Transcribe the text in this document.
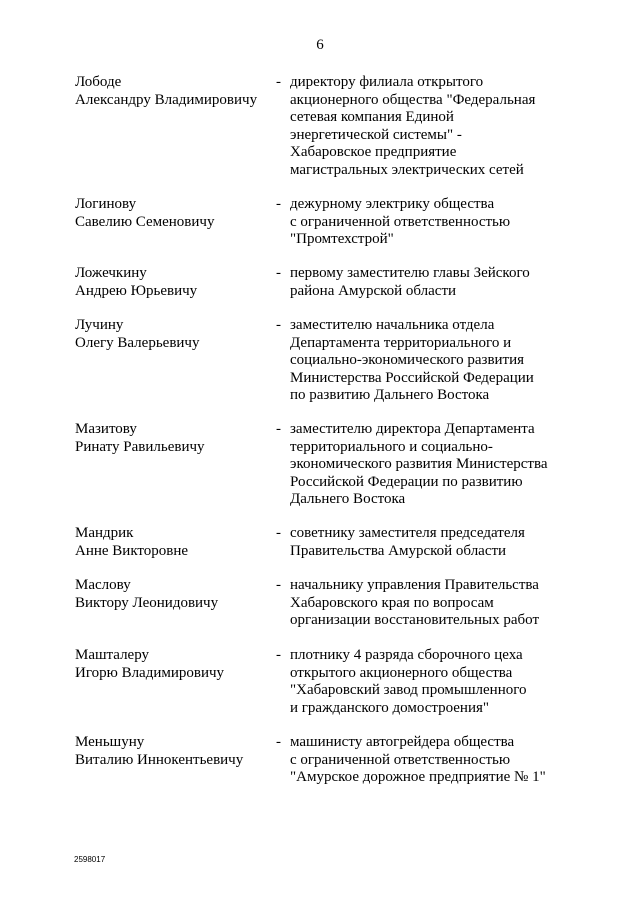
6
Лободе
Александру Владимировичу
- директору филиала открытого
акционерного общества "Федеральная
сетевая компания Единой
энергетической системы" -
Хабаровское предприятие
магистральных электрических сетей
Логинову
Савелию Семеновичу
- дежурному электрику общества
с ограниченной ответственностью
"Промтехстрой"
Ложечкину
Андрею Юрьевичу
- первому заместителю главы Зейского
района Амурской области
Лучину
Олегу Валерьевичу
- заместителю начальника отдела
Департамента территориального и
социально-экономического развития
Министерства Российской Федерации
по развитию Дальнего Востока
Мазитову
Ринату Равильевичу
- заместителю директора Департамента
территориального и социально-
экономического развития Министерства
Российской Федерации по развитию
Дальнего Востока
Мандрик
Анне Викторовне
- советнику заместителя председателя
Правительства Амурской области
Маслову
Виктору Леонидовичу
- начальнику управления Правительства
Хабаровского края по вопросам
организации восстановительных работ
Машталеру
Игорю Владимировичу
- плотнику 4 разряда сборочного цеха
открытого акционерного общества
"Хабаровский завод промышленного
и гражданского домостроения"
Меньшуну
Виталию Иннокентьевичу
- машинисту автогрейдера общества
с ограниченной ответственностью
"Амурское дорожное предприятие № 1"
2598017
